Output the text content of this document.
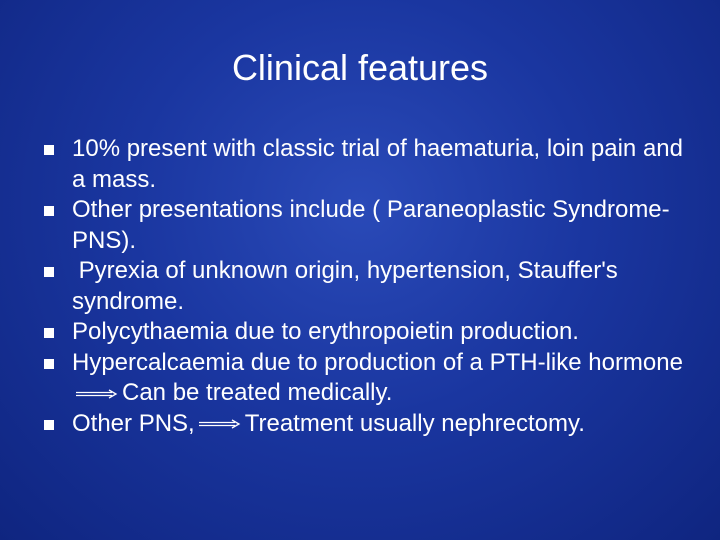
Clinical features
10% present with classic trial of haematuria, loin pain and a mass.
Other presentations include ( Paraneoplastic Syndrome- PNS).
Pyrexia of unknown origin, hypertension, Stauffer's syndrome.
Polycythaemia due to erythropoietin production.
Hypercalcaemia due to production of a PTH-like hormoneCan be treated medically.
Other PNS, Treatment usually nephrectomy.
